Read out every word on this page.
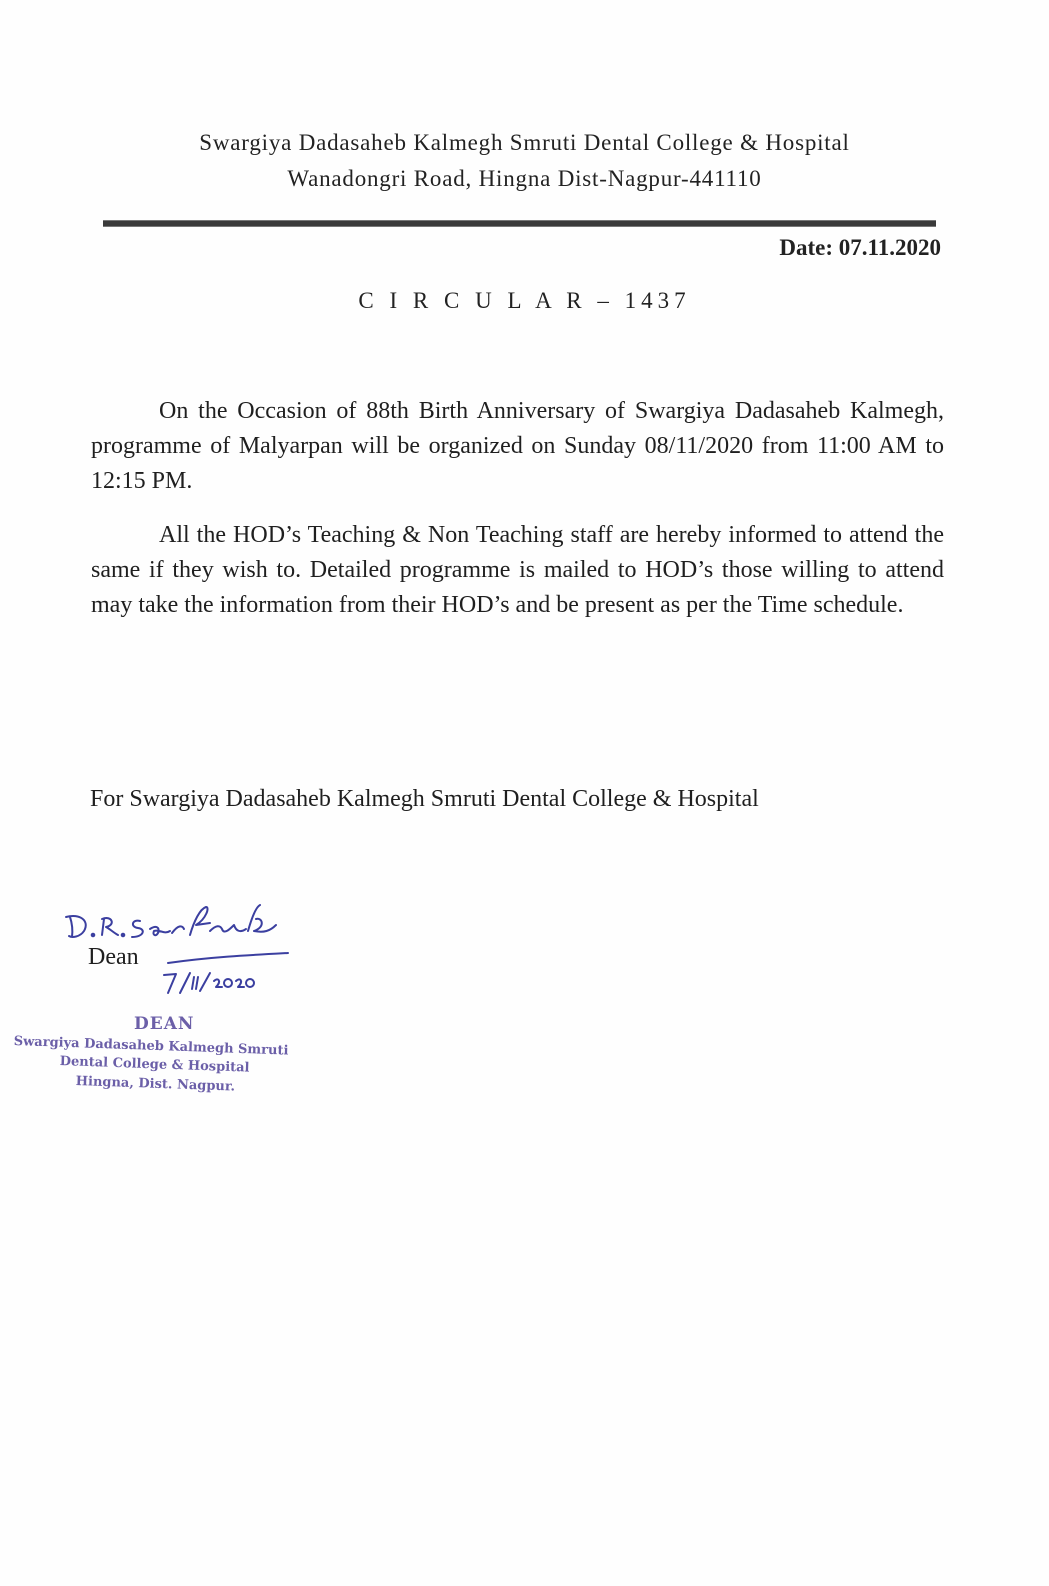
Swargiya Dadasaheb Kalmegh Smruti Dental College & Hospital
Wanadongri Road, Hingna Dist-Nagpur-441110
Date: 07.11.2020
C I R C U L A R – 1437
On the Occasion of 88th Birth Anniversary of Swargiya Dadasaheb Kalmegh, programme of Malyarpan will be organized on Sunday 08/11/2020 from 11:00 AM to 12:15 PM.
All the HOD’s Teaching & Non Teaching staff are hereby informed to attend the same if they wish to. Detailed programme is mailed to HOD’s those willing to attend may take the information from their HOD’s and be present as per the Time schedule.
For Swargiya Dadasaheb Kalmegh Smruti Dental College & Hospital
Dean
DEAN
Swargiya Dadasaheb Kalmegh Smruti
Dental College & Hospital
Hingna, Dist. Nagpur.
